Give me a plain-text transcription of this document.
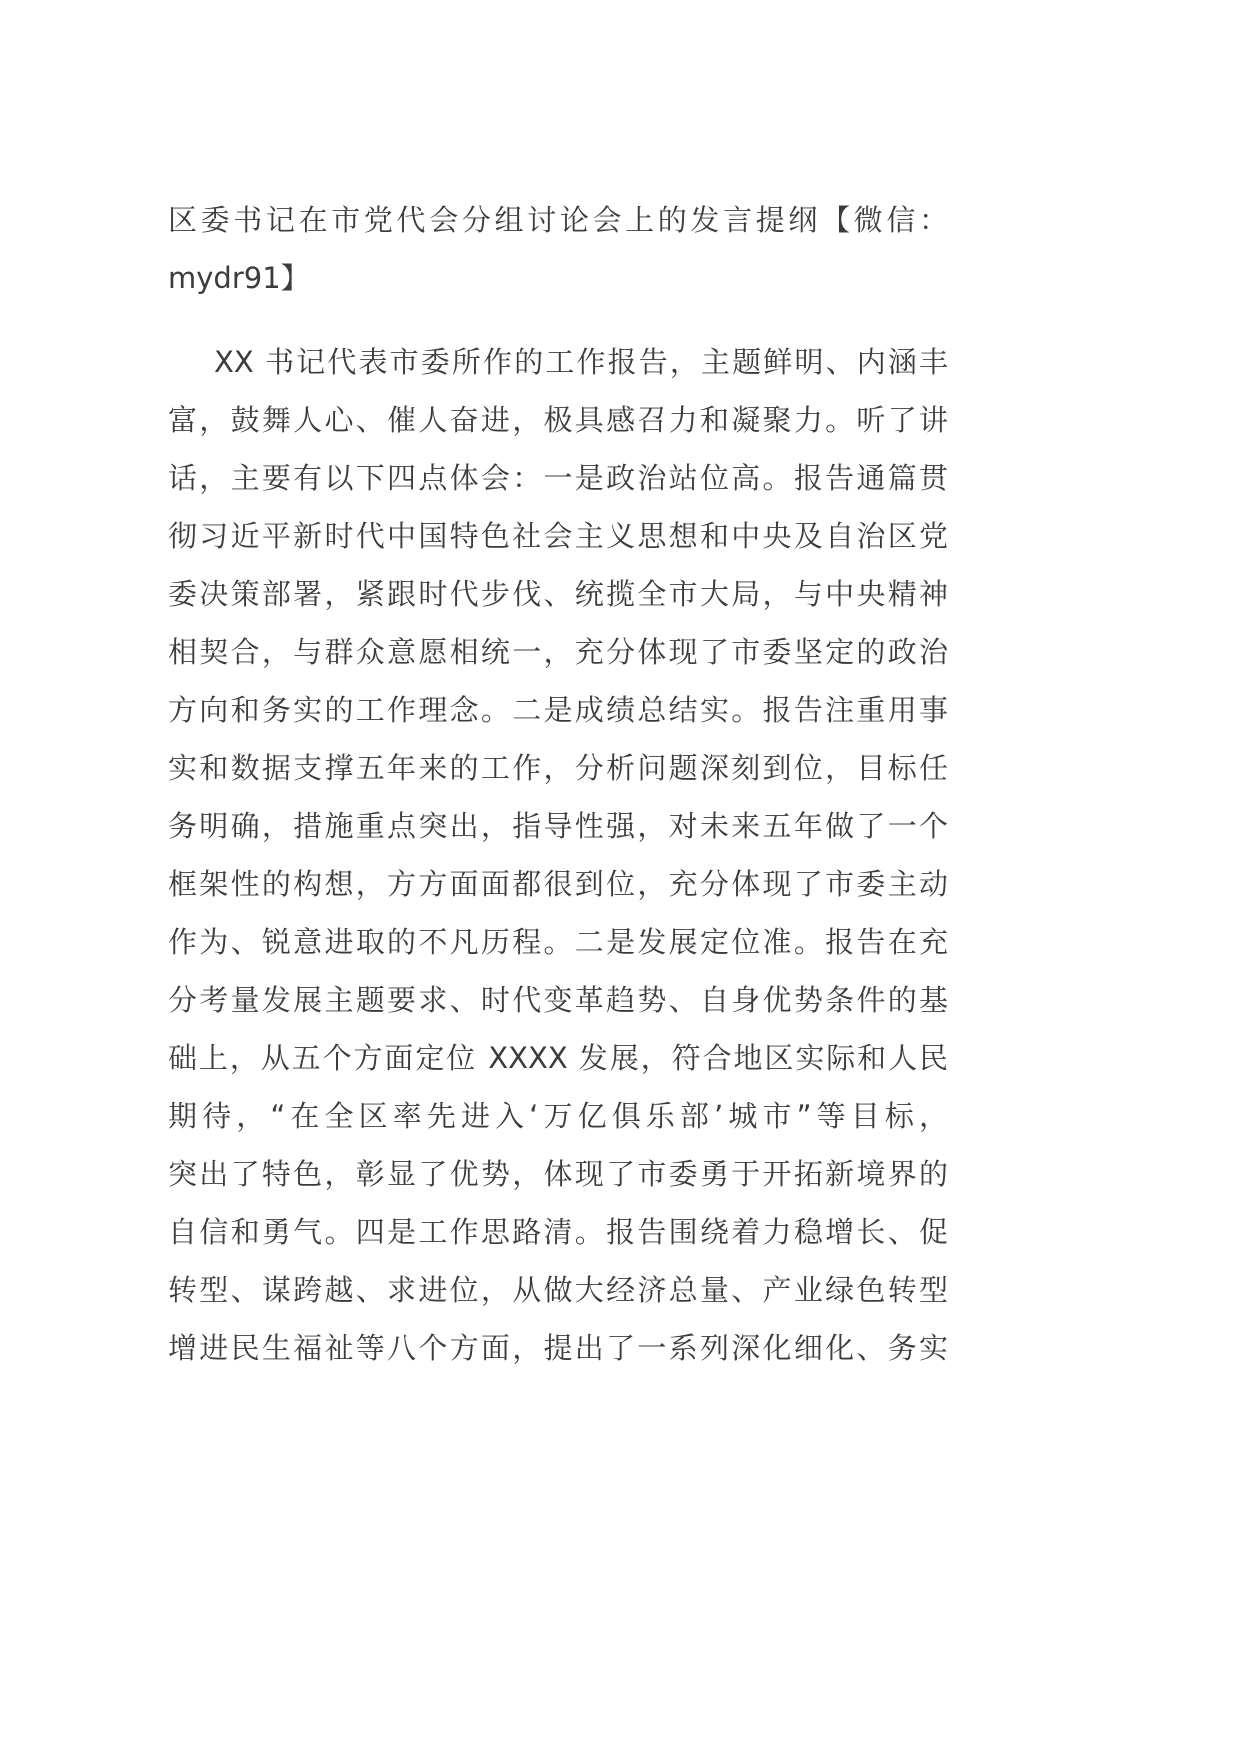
区委书记在市党代会分组讨论会上的发言提纲【微信：
mydr91】
XX 书记代表市委所作的工作报告，主题鲜明、内涵丰
富，鼓舞人心、催人奋进，极具感召力和凝聚力。听了讲
话，主要有以下四点体会：一是政治站位高。报告通篇贯
彻习近平新时代中国特色社会主义思想和中央及自治区党
委决策部署，紧跟时代步伐、统揽全市大局，与中央精神
相契合，与群众意愿相统一，充分体现了市委坚定的政治
方向和务实的工作理念。二是成绩总结实。报告注重用事
实和数据支撑五年来的工作，分析问题深刻到位，目标任
务明确，措施重点突出，指导性强，对未来五年做了一个
框架性的构想，方方面面都很到位，充分体现了市委主动
作为、锐意进取的不凡历程。二是发展定位准。报告在充
分考量发展主题要求、时代变革趋势、自身优势条件的基
础上，从五个方面定位 XXXX 发展，符合地区实际和人民
期待，“在全区率先进入‘万亿俱乐部’城市”等目标，
突出了特色，彰显了优势，体现了市委勇于开拓新境界的
自信和勇气。四是工作思路清。报告围绕着力稳增长、促
转型、谋跨越、求进位，从做大经济总量、产业绿色转型
增进民生福祉等八个方面，提出了一系列深化细化、务实
